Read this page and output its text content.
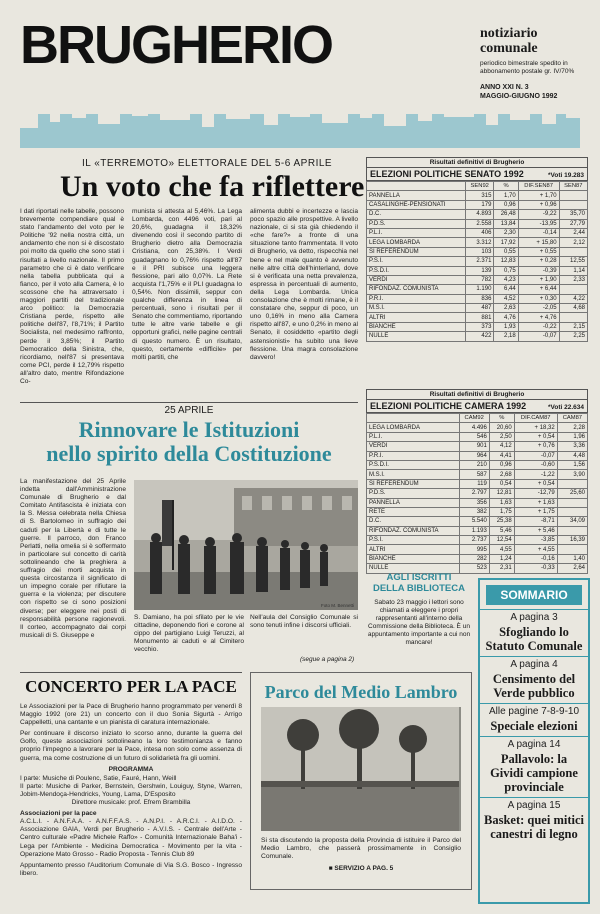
BRUGHERIO	notiziario comunale
periodico bimestrale spedito in abbonamento postale gr. IV/70%
ANNO XXI N. 3
MAGGIO-GIUGNO 1992
IL «TERREMOTO» ELETTORALE DEL 5-6 APRILE
Un voto che fa riflettere
I dati riportati nelle tabelle, possono brevemente compendiare qual è stato l'andamento del voto per le Politiche '92 nella nostra città, un andamento che non si è discostato poi molto da quello che sono stati i risultati a livello nazionale. Il primo parametro che ci è dato verificare nella tabella pubblicata qui a fianco, per il voto alla Camera, è lo scossone che ha attraversato i maggiori partiti del tradizionale arco politico: la Democrazia Cristiana perde, rispetto alle politiche dell'87, l'8,71%; il Partito Socialista, nel medesimo raffronto, perde il 3,85%; il Partito Democratico della Sinistra, che, ricordiamo, nell'87 si presentava come PCI, perde il 12,79% rispetto all'altro dato, mentre Rifondazione Co-
munista si attesta al 5,46%. La Lega Lombarda, con 4496 voti, pari al 20,6%, guadagna il 18,32% divenendo così il secondo partito di Brugherio dietro alla Democrazia Cristiana, con 25,38%. I Verdi guadagnano lo 0,76% rispetto all'87 e il PRI subisce una leggera flessione, pari allo 0,07%. La Rete acquista l'1,75% e il PLI guadagna lo 0,54%. Non dissimili, seppur con qualche differenza in linea di percentuali, sono i risultati per il Senato che commentiamo, riportando tutte le altre varie tabelle e gli opportuni grafici, nelle pagine centrali di questo numero. È un risultato, questo, certamente «difficile» per molti partiti, che
alimenta dubbi e incertezze e lascia poco spazio alle prospettive. A livello nazionale, ci si sta già chiedendo il «che fare?» a fronte di una situazione tanto frammentata. Il voto di Brugherio, va detto, rispecchia nel bene e nel male quanto è avvenuto nelle altre città dell'hinterland, dove si è verificata una netta prevalenza, espressa in percentuali di aumento, della Lega Lombarda. Unica consolazione che è molti rimane, è il constatare che, seppur di poco, un uno 0,16% in meno alla Camera rispetto all'87, e uno 0,2% in meno al Senato, il cosiddetto «partito degli astensionisti» ha subito una lieve flessione. Una magra consolazione davvero!
Risultati definitivi di Brugherio
ELEZIONI POLITICHE SENATO 1992	*Voti 19.283
	SEN92	%	DIF.SEN87	SEN87
PANNELLA	315	1,70	+ 1,70	
CASALINGHE-PENSIONATI	179	0,96	+ 0,96	
D.C.	4.893	26,48	-9,22	35,70
P.D.S.	2.558	13,84	-13,95	27,79
P.L.I.	406	2,30	-0,14	2,44
LEGA LOMBARDA	3.312	17,92	+ 15,80	2,12
SI REFERENDUM	103	0,55	+ 0,55	
P.S.I.	2.371	12,83	+ 0,28	12,55
P.S.D.I.	139	0,75	-0,39	1,14
VERDI	782	4,23	+ 1,90	2,33
RIFONDAZ. COMUNISTA	1.190	6,44	+ 6,44	
P.R.I.	836	4,52	+ 0,30	4,22
M.S.I.	487	2,63	-2,05	4,68
ALTRI	881	4,76	+ 4,76	
BIANCHE	373	1,93	-0,22	2,15
NULLE	422	2,18	-0,07	2,25
Risultati definitivi di Brugherio
ELEZIONI POLITICHE CAMERA 1992	*Voti 22.634
	CAM92	%	DIF.CAM87	CAM87
LEGA LOMBARDA	4.496	20,60	+ 18,32	2,28
P.L.I.	546	2,50	+ 0,54	1,96
VERDI	901	4,12	+ 0,76	3,36
P.R.I.	964	4,41	-0,07	4,48
P.S.D.I.	210	0,96	-0,60	1,56
M.S.I.	587	2,68	-1,22	3,90
SI REFERENDUM	119	0,54	+ 0,54	
P.D.S.	2.797	12,81	-12,79	25,60
PANNELLA	356	1,63	+ 1,63	
RETE	382	1,75	+ 1,75	
D.C.	5.540	25,38	-8,71	34,09
RIFONDAZ. COMUNISTA	1.193	5,46	+ 5,46	
P.S.I.	2.737	12,54	-3,85	16,39
ALTRI	995	4,55	+ 4,55	
BIANCHE	282	1,24	-0,16	1,40
NULLE	523	2,31	-0,33	2,64
25 APRILE
Rinnovare le Istituzioni
nello spirito della Costituzione
La manifestazione del 25 Aprile indetta dall'Amministrazione Comunale di Brugherio e dal Comitato Antifascista è iniziata con la S. Messa celebrata nella Chiesa di S. Bartolomeo in suffragio dei caduti per la Libertà e di tutte le guerre. Il parroco, don Franco Perlatti, nella omelia si è soffermato in particolare sul concetto di carità sottolineando che la preghiera a suffragio dei morti acquista in questa circostanza il significato di un impegno corale per rifiutare la guerra e la violenza; per discutere con rispetto se ci sono posizioni diverse; per eleggere nei posti di responsabilità persone ragionevoli. Il corteo, accompagnato dai corpi musicali di S. Giuseppe e
Foto M. Bennetti
S. Damiano, ha poi sfilato per le vie cittadine, deponendo fiori e corone al cippo del partigiano Luigi Teruzzi, al Monumento ai caduti e al Cimitero vecchio.
Nell'aula del Consiglio Comunale si sono tenuti infine i discorsi ufficiali.
(segue a pagina 2)
AGLI ISCRITTI
DELLA BIBLIOTECA
Sabato 23 maggio i lettori sono chiamati a eleggere i propri rappresentanti all'interno della Commissione della Biblioteca. È un appuntamento importante a cui non mancare!
SOMMARIO
A pagina 3
Sfogliando lo Statuto Comunale
A pagina 4
Censimento del Verde pubblico
Alle pagine 7-8-9-10
Speciale elezioni
A pagina 14
Pallavolo: la Gividi campione provinciale
A pagina 15
Basket: quei mitici canestri di legno
CONCERTO PER LA PACE

Le Associazioni per la Pace di Brugherio hanno programmato per venerdì 8 Maggio 1992 (ore 21) un concerto con il duo Sonia Sigurtà - Arrigo Cappelletti, una cantante e un pianista di caratura internazionale.

Per continuare il discorso iniziato lo scorso anno, durante la guerra del Golfo, queste associazioni sottolineano la loro testimonianza e fanno proprio l'impegno a lavorare per la Pace, intesa non solo come assenza di guerra, ma come costruzione di un futuro di solidarietà fra gli uomini.

PROGRAMMA

I parte: Musiche di Poulenc, Satie, Fauré, Hann, Weill

II parte: Musiche di Parker, Bernstein, Gershwin, Louiguy, Styne, Warren, Jobim-Mendoça-Hendricks, Young, Lama, D'Esposito

Direttore musicale: prof. Efrem Brambilla

Associazioni per la pace

A.C.L.I. - A.N.F.A.A. - A.N.F.F.A.S. - A.N.P.I. - A.R.C.I. - A.I.D.O. - Associazione GAIA, Verdi per Brugherio - A.V.I.S. - Centrale dell'Arte - Centro culturale «Padre Michele Raffo» - Comunità Internazionale Baha'i - Lega per l'Ambiente - Medicina Democratica - Movimento per la vita - Operazione Mato Grosso - Radio Proposta - Tennis Club 89

Appuntamento presso l'Auditorium Comunale di Via S.G. Bosco - Ingresso libero.

Parco del Medio Lambro
Si sta discutendo la proposta della Provincia di istituire il Parco del Medio Lambro, che passerà prossimamente in Consiglio Comunale.
■ SERVIZIO A PAG. 5
